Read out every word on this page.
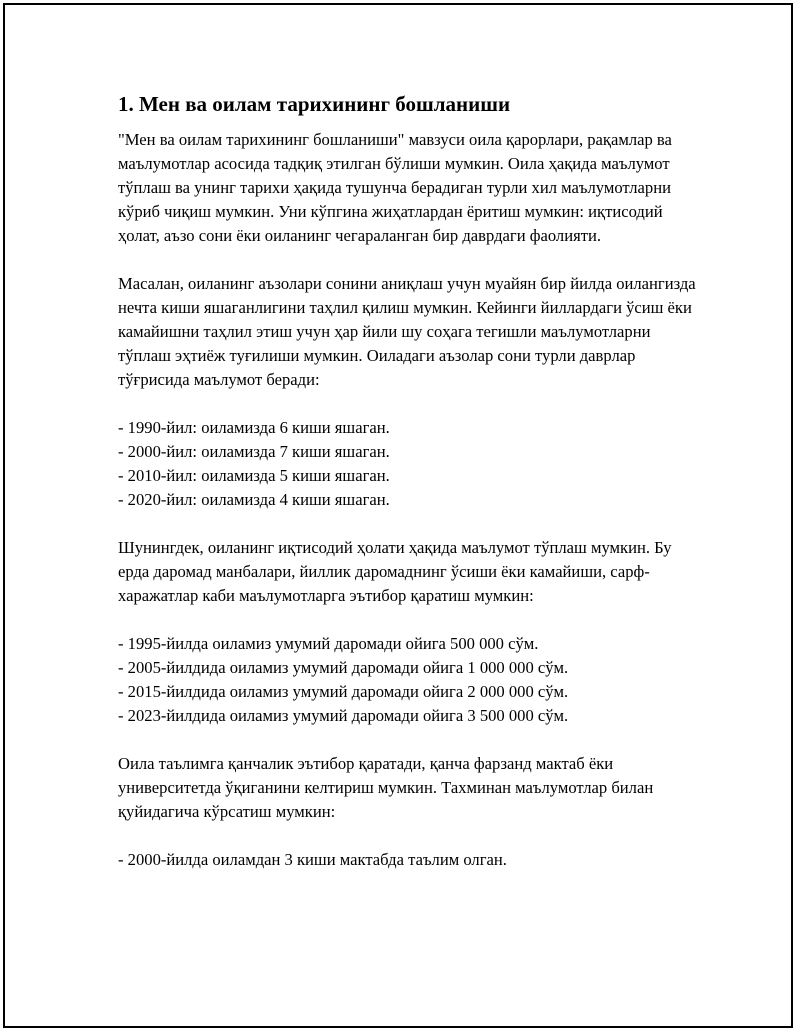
1. Мен ва оилам тарихининг бошланиши

"Мен ва оилам тарихининг бошланиши" мавзуси оила қарорлари, рақамлар ва маълумотлар асосида тадқиқ этилган бўлиши мумкин. Оила ҳақида маълумот тўплаш ва унинг тарихи ҳақида тушунча берадиган турли хил маълумотларни кўриб чиқиш мумкин. Уни кўпгина жиҳатлардан ёритиш мумкин: иқтисодий ҳолат, аъзо сони ёки оиланинг чегараланган бир даврдаги фаолияти.

Масалан, оиланинг аъзолари сонини аниқлаш учун муайян бир йилда оилангизда нечта киши яшаганлигини таҳлил қилиш мумкин. Кейинги йиллардаги ўсиш ёки камайишни таҳлил этиш учун ҳар йили шу соҳага тегишли маълумотларни тўплаш эҳтиёж туғилиши мумкин. Оиладаги аъзолар сони турли даврлар тўғрисида маълумот беради:

- 1990-йил: оиламизда 6 киши яшаган.
- 2000-йил: оиламизда 7 киши яшаган.
- 2010-йил: оиламизда 5 киши яшаган.
- 2020-йил: оиламизда 4 киши яшаган.

Шунингдек, оиланинг иқтисодий ҳолати ҳақида маълумот тўплаш мумкин. Бу ерда даромад манбалари, йиллик даромаднинг ўсиши ёки камайиши, сарф-харажатлар каби маълумотларга эътибор қаратиш мумкин:

- 1995-йилда оиламиз умумий даромади ойига 500 000 сўм.
- 2005-йилдида оиламиз умумий даромади ойига 1 000 000 сўм.
- 2015-йилдида оиламиз умумий даромади ойига 2 000 000 сўм.
- 2023-йилдида оиламиз умумий даромади ойига 3 500 000 сўм.

Оила таълимга қанчалик эътибор қаратади, қанча фарзанд мактаб ёки университетда ўқиганини келтириш мумкин. Тахминан маълумотлар билан қуйидагича кўрсатиш мумкин:

- 2000-йилда оиламдан 3 киши мактабда таълим олган.
